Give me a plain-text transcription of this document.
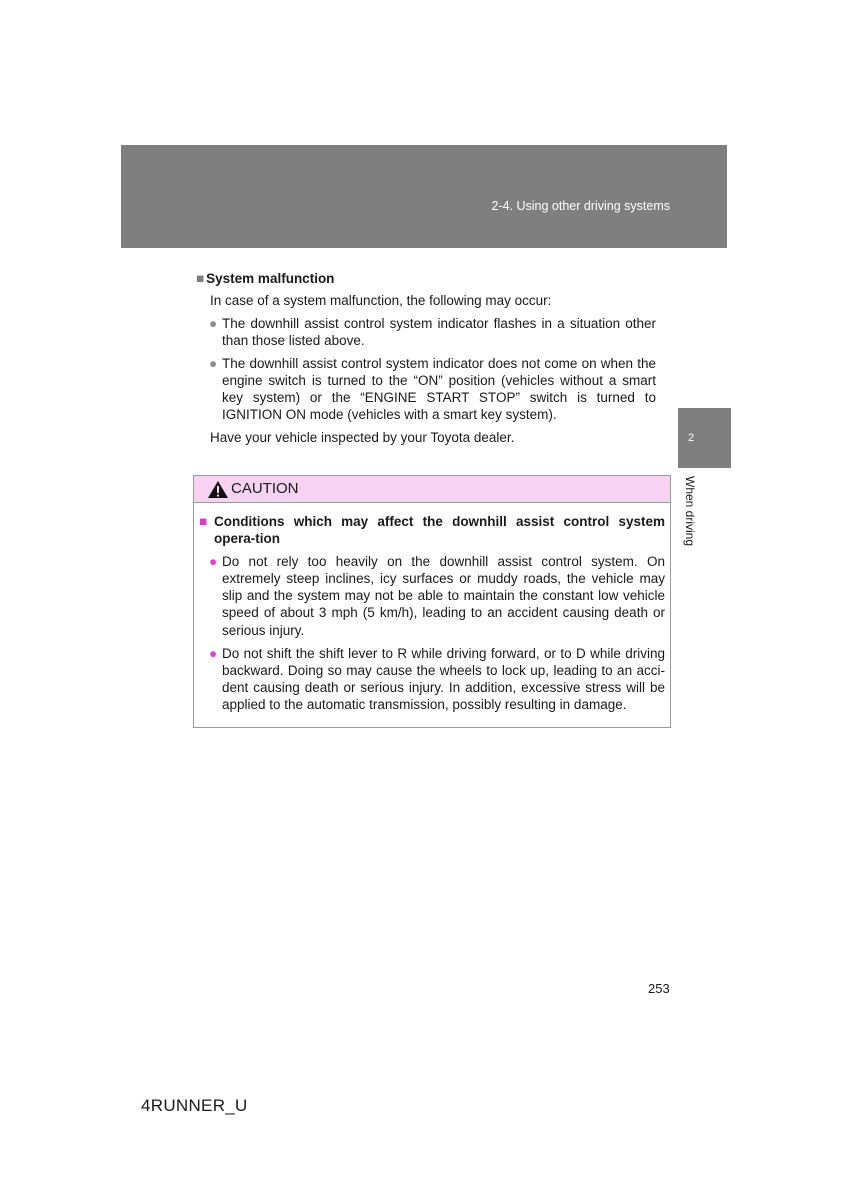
2-4. Using other driving systems
2
When driving
■ System malfunction
In case of a system malfunction, the following may occur:
● The downhill assist control system indicator flashes in a situation other than those listed above.
● The downhill assist control system indicator does not come on when the engine switch is turned to the “ON” position (vehicles without a smart key system) or the “ENGINE START STOP” switch is turned to IGNITION ON mode (vehicles with a smart key system).
Have your vehicle inspected by your Toyota dealer.
CAUTION
■ Conditions which may affect the downhill assist control system opera-tion
● Do not rely too heavily on the downhill assist control system. On extremely steep inclines, icy surfaces or muddy roads, the vehicle may slip and the system may not be able to maintain the constant low vehicle speed of about 3 mph (5 km/h), leading to an accident causing death or serious injury.
● Do not shift the shift lever to R while driving forward, or to D while driving backward. Doing so may cause the wheels to lock up, leading to an acci-dent causing death or serious injury. In addition, excessive stress will be applied to the automatic transmission, possibly resulting in damage.
253
4RUNNER_U
